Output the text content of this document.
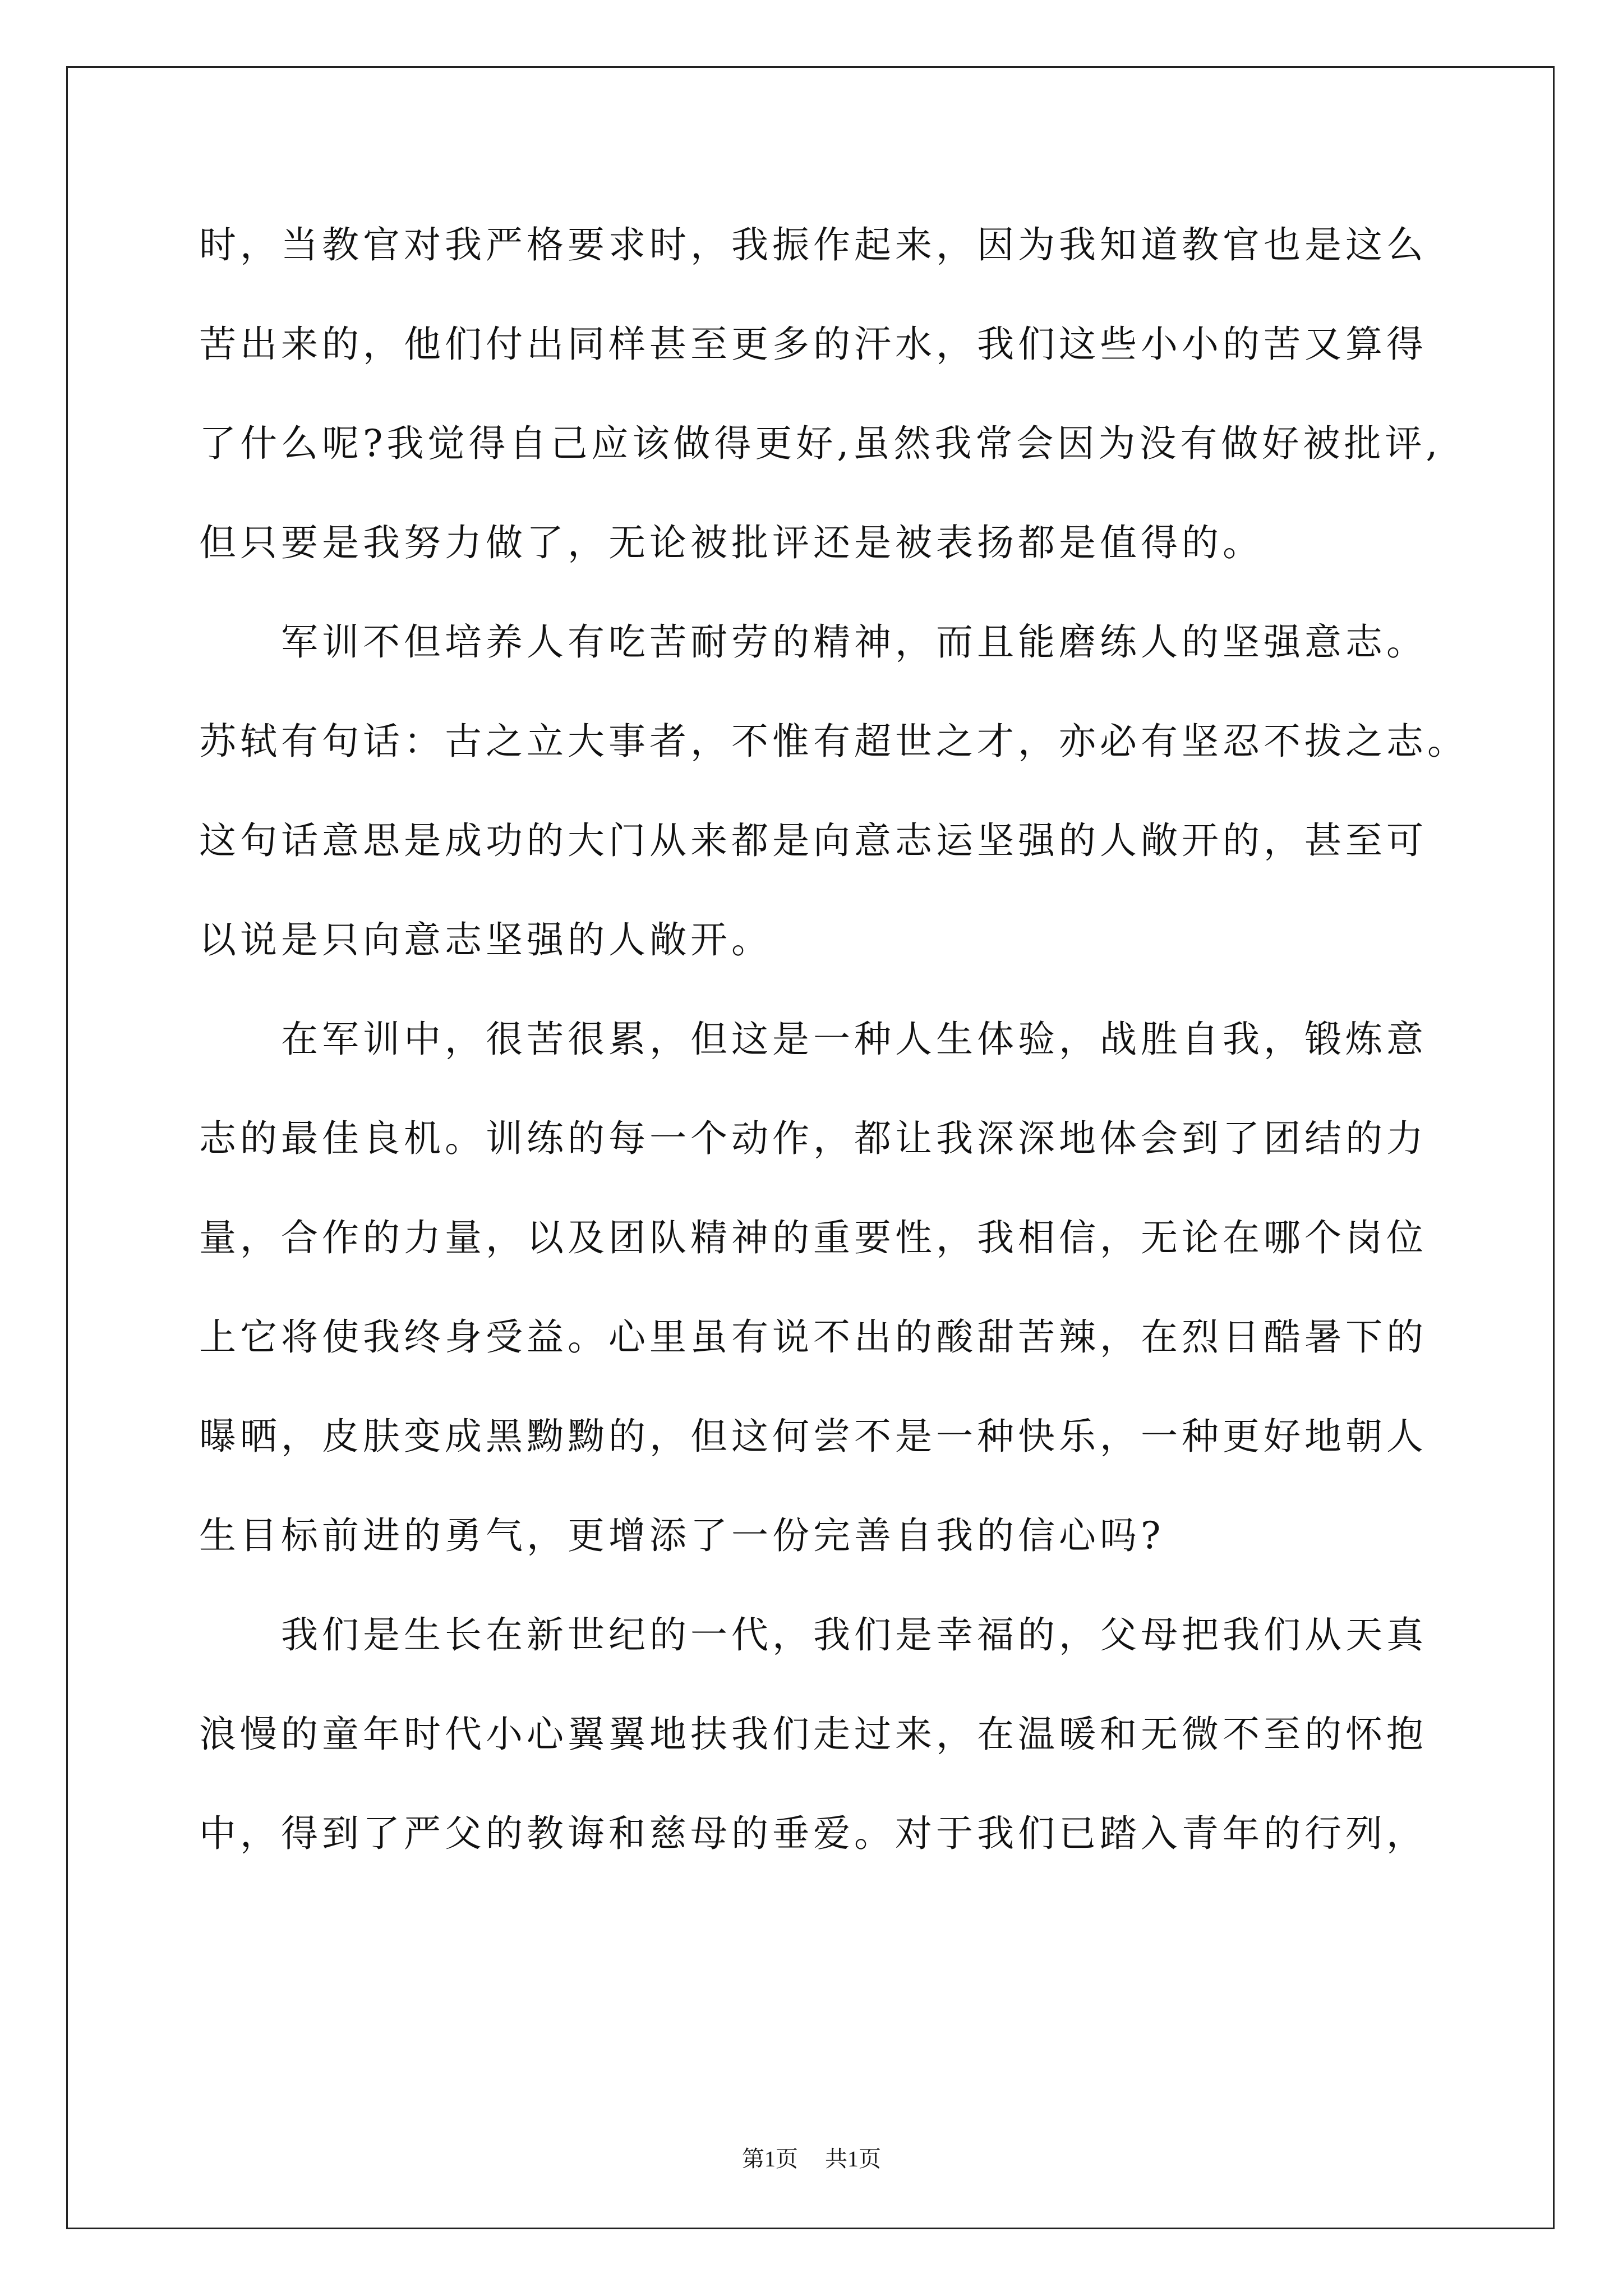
时，当教官对我严格要求时，我振作起来，因为我知道教官也是这么
苦出来的，他们付出同样甚至更多的汗水，我们这些小小的苦又算得
了什么呢?我觉得自己应该做得更好,虽然我常会因为没有做好被批评,
但只要是我努力做了，无论被批评还是被表扬都是值得的。
　　军训不但培养人有吃苦耐劳的精神，而且能磨练人的坚强意志。
苏轼有句话：古之立大事者，不惟有超世之才，亦必有坚忍不拔之志。
这句话意思是成功的大门从来都是向意志运坚强的人敞开的，甚至可
以说是只向意志坚强的人敞开。
　　在军训中，很苦很累，但这是一种人生体验，战胜自我，锻炼意
志的最佳良机。训练的每一个动作，都让我深深地体会到了团结的力
量，合作的力量，以及团队精神的重要性，我相信，无论在哪个岗位
上它将使我终身受益。心里虽有说不出的酸甜苦辣，在烈日酷暑下的
曝晒，皮肤变成黑黝黝的，但这何尝不是一种快乐，一种更好地朝人
生目标前进的勇气，更增添了一份完善自我的信心吗?
　　我们是生长在新世纪的一代，我们是幸福的，父母把我们从天真
浪慢的童年时代小心翼翼地扶我们走过来，在温暖和无微不至的怀抱
中，得到了严父的教诲和慈母的垂爱。对于我们已踏入青年的行列，
第1页 共1页
